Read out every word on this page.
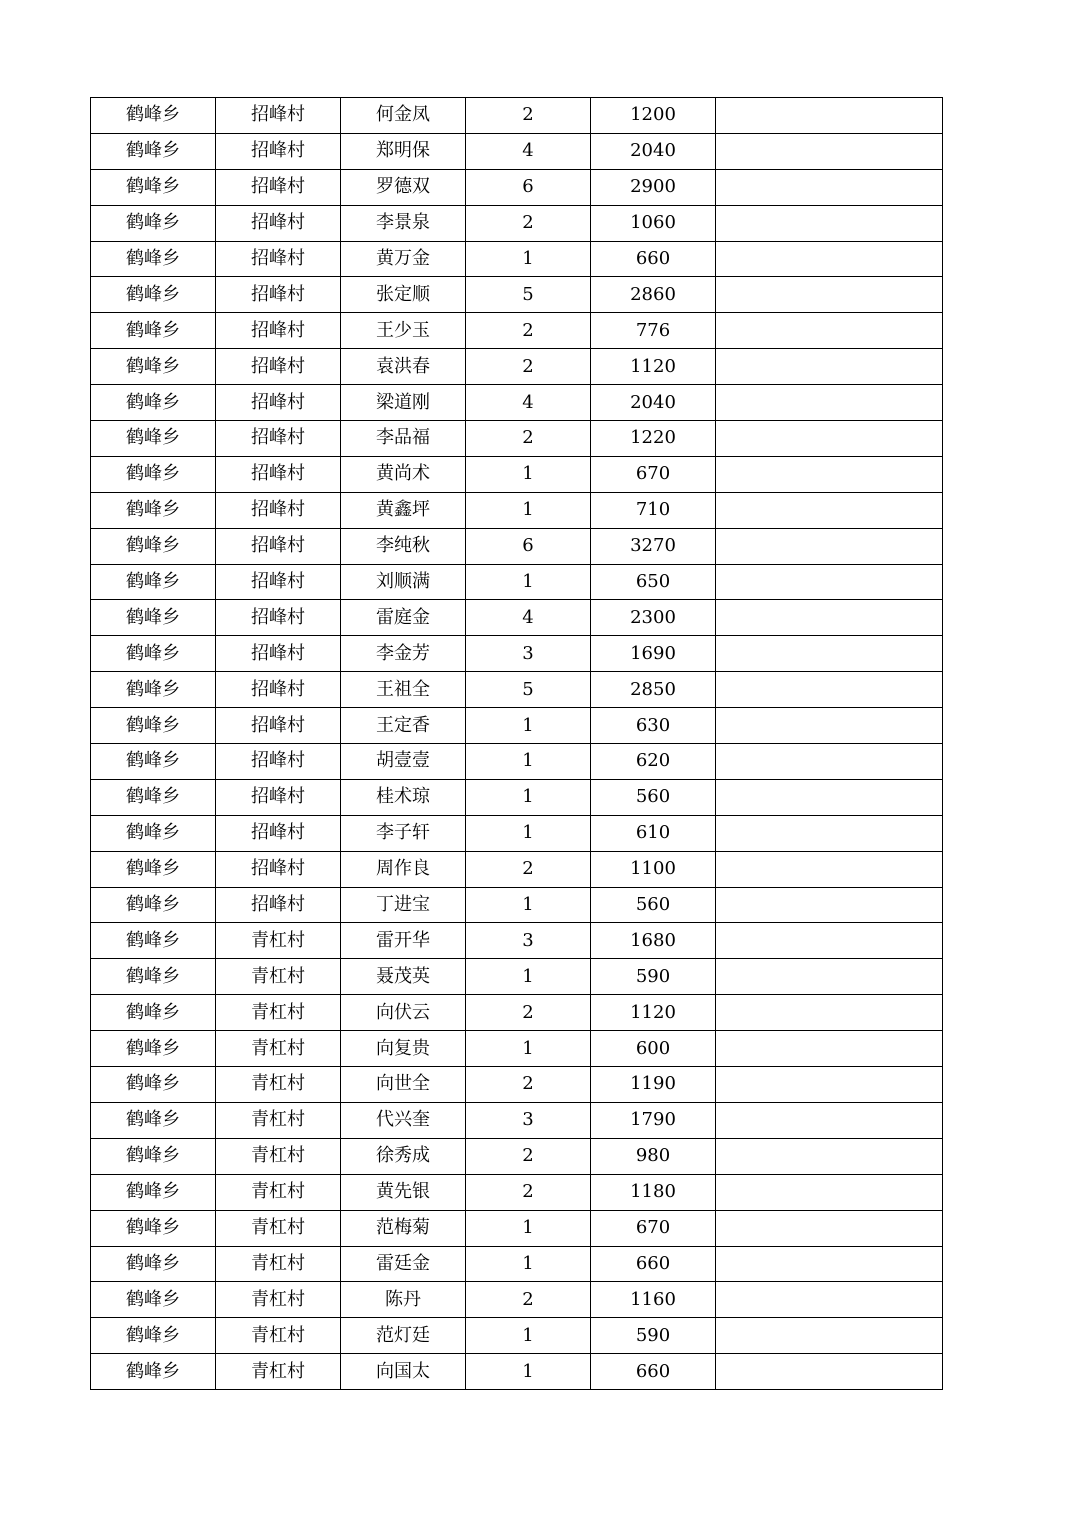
鹤峰乡	招峰村	何金凤	2	1200	
鹤峰乡	招峰村	郑明保	4	2040	
鹤峰乡	招峰村	罗德双	6	2900	
鹤峰乡	招峰村	李景泉	2	1060	
鹤峰乡	招峰村	黄万金	1	660	
鹤峰乡	招峰村	张定顺	5	2860	
鹤峰乡	招峰村	王少玉	2	776	
鹤峰乡	招峰村	袁洪春	2	1120	
鹤峰乡	招峰村	梁道刚	4	2040	
鹤峰乡	招峰村	李品福	2	1220	
鹤峰乡	招峰村	黄尚术	1	670	
鹤峰乡	招峰村	黄鑫坪	1	710	
鹤峰乡	招峰村	李纯秋	6	3270	
鹤峰乡	招峰村	刘顺满	1	650	
鹤峰乡	招峰村	雷庭金	4	2300	
鹤峰乡	招峰村	李金芳	3	1690	
鹤峰乡	招峰村	王祖全	5	2850	
鹤峰乡	招峰村	王定香	1	630	
鹤峰乡	招峰村	胡壹壹	1	620	
鹤峰乡	招峰村	桂术琼	1	560	
鹤峰乡	招峰村	李子轩	1	610	
鹤峰乡	招峰村	周作良	2	1100	
鹤峰乡	招峰村	丁进宝	1	560	
鹤峰乡	青杠村	雷开华	3	1680	
鹤峰乡	青杠村	聂茂英	1	590	
鹤峰乡	青杠村	向伏云	2	1120	
鹤峰乡	青杠村	向复贵	1	600	
鹤峰乡	青杠村	向世全	2	1190	
鹤峰乡	青杠村	代兴奎	3	1790	
鹤峰乡	青杠村	徐秀成	2	980	
鹤峰乡	青杠村	黄先银	2	1180	
鹤峰乡	青杠村	范梅菊	1	670	
鹤峰乡	青杠村	雷廷金	1	660	
鹤峰乡	青杠村	陈丹	2	1160	
鹤峰乡	青杠村	范灯廷	1	590	
鹤峰乡	青杠村	向国太	1	660	
